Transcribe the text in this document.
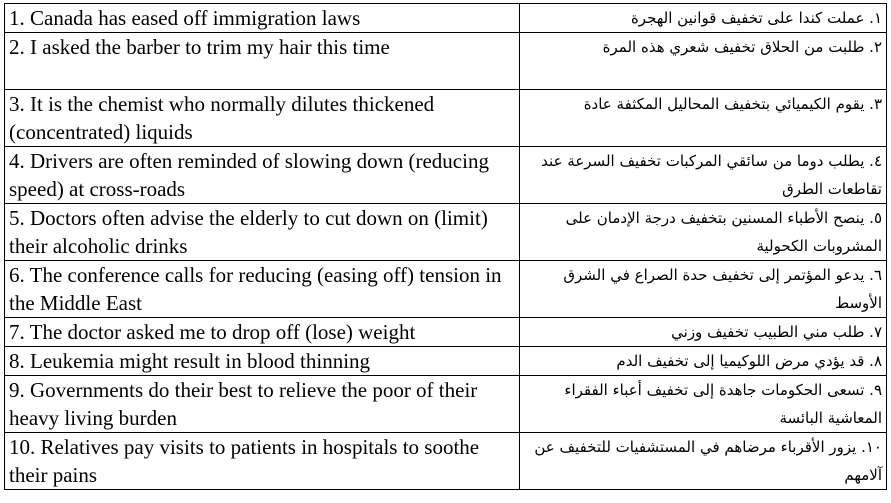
1. Canada has eased off immigration laws	١. عملت كندا على تخفيف قوانين الهجرة
2. I asked the barber to trim my hair this time	٢. طلبت من الحلاق تخفيف شعري هذه المرة
3. It is the chemist who normally dilutes thickened (concentrated) liquids	٣. يقوم الكيميائي بتخفيف المحاليل المكثفة عادة
4. Drivers are often reminded of slowing down (reducing speed) at cross-roads	٤. يطلب دوما من سائقي المركبات تخفيف السرعة عند تقاطعات الطرق
5. Doctors often advise the elderly to cut down on (limit) their alcoholic drinks	٥. ينصح الأطباء المسنين بتخفيف درجة الإدمان على المشروبات الكحولية
6. The conference calls for reducing (easing off) tension in the Middle East	٦. يدعو المؤتمر إلى تخفيف حدة الصراع في الشرق الأوسط
7. The doctor asked me to drop off (lose) weight	٧. طلب مني الطبيب تخفيف وزني
8. Leukemia might result in blood thinning	٨. قد يؤدي مرض اللوكيميا إلى تخفيف الدم
9. Governments do their best to relieve the poor of their heavy living burden	٩. تسعى الحكومات جاهدة إلى تخفيف أعباء الفقراء المعاشية البائسة
10. Relatives pay visits to patients in hospitals to soothe their pains	١٠. يزور الأقرباء مرضاهم في المستشفيات للتخفيف عن آلامهم
